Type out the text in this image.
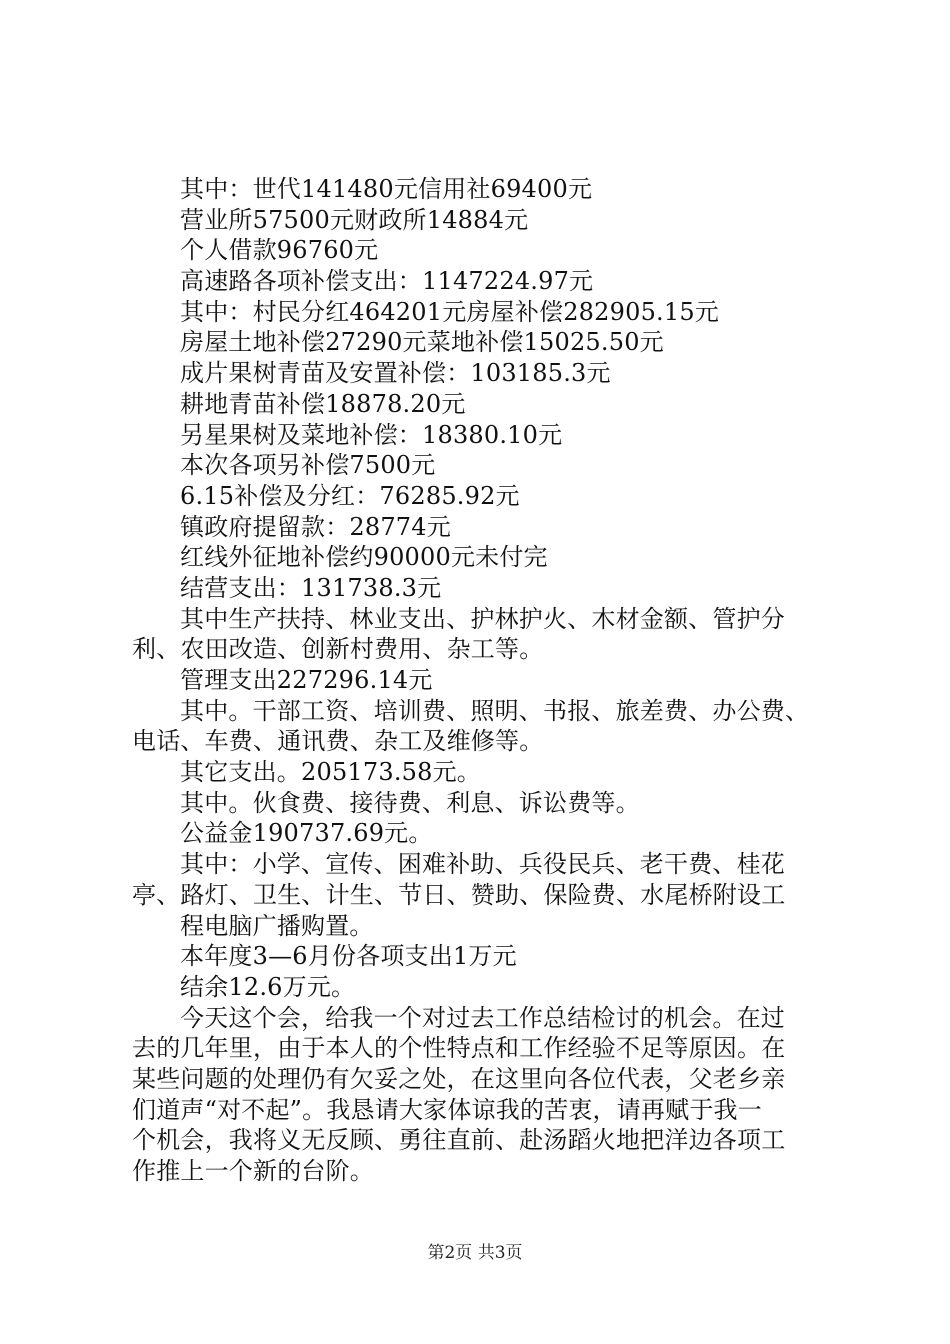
其中：世代141480元信用社69400元
营业所57500元财政所14884元
个人借款96760元
高速路各项补偿支出：1147224.97元
其中：村民分红464201元房屋补偿282905.15元
房屋土地补偿27290元菜地补偿15025.50元
成片果树青苗及安置补偿：103185.3元
耕地青苗补偿18878.20元
另星果树及菜地补偿：18380.10元
本次各项另补偿7500元
6.15补偿及分红：76285.92元
镇政府提留款：28774元
红线外征地补偿约90000元未付完
结营支出：131738.3元
其中生产扶持、林业支出、护林护火、木材金额、管护分
利、农田改造、创新村费用、杂工等。
管理支出227296.14元
其中。干部工资、培训费、照明、书报、旅差费、办公费、
电话、车费、通讯费、杂工及维修等。
其它支出。205173.58元。
其中。伙食费、接待费、利息、诉讼费等。
公益金190737.69元。
其中：小学、宣传、困难补助、兵役民兵、老干费、桂花
亭、路灯、卫生、计生、节日、赞助、保险费、水尾桥附设工
程电脑广播购置。
本年度3—6月份各项支出1万元
结余12.6万元。
今天这个会，给我一个对过去工作总结检讨的机会。在过
去的几年里，由于本人的个性特点和工作经验不足等原因。在
某些问题的处理仍有欠妥之处，在这里向各位代表，父老乡亲
们道声“对不起”。我恳请大家体谅我的苦衷，请再赋于我一
个机会，我将义无反顾、勇往直前、赴汤蹈火地把洋边各项工
作推上一个新的台阶。
第2页 共3页
